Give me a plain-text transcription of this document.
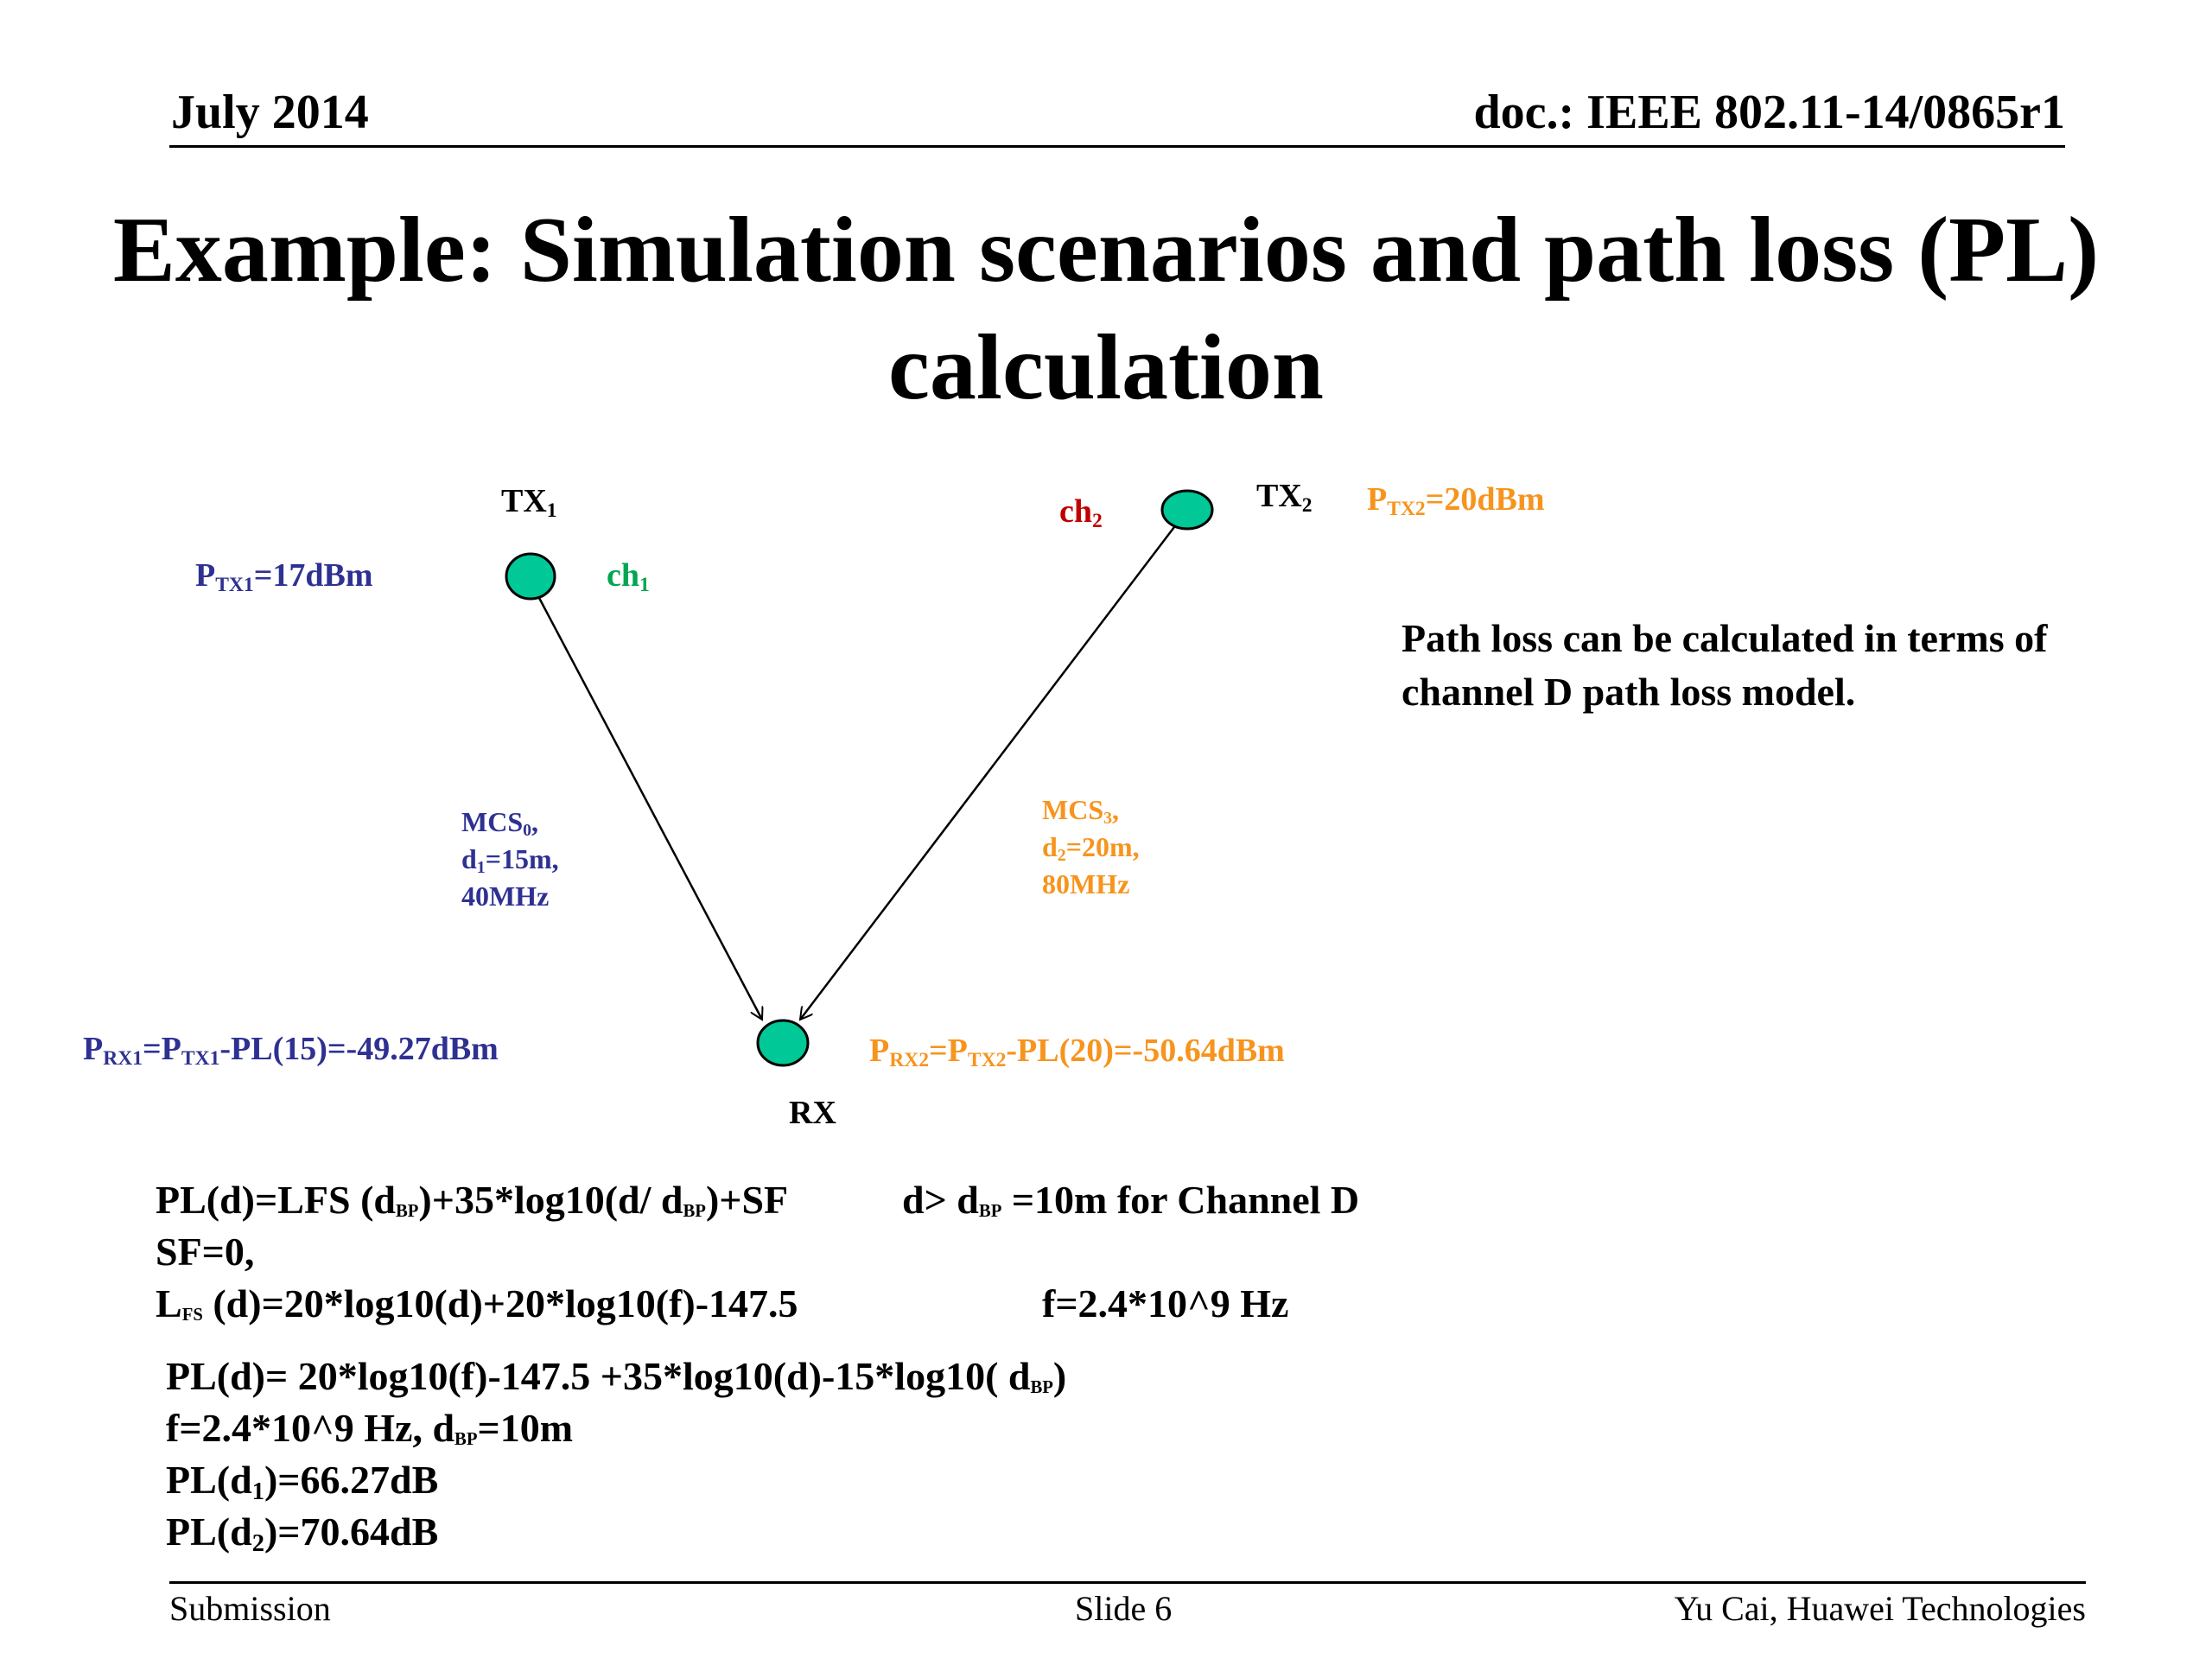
July 2014	doc.: IEEE 802.11-14/0865r1
Example: Simulation scenarios and path loss (PL) calculation
$TX_1$	$TX_2$
RX
$P_{TX1}=17dBm$
$P_{TX2}=20dBm$
$ch_1$
$ch_2$
$MCS_0$,
$d_1=15m$,
40MHz
$MCS_3$,
$d_2=20m$,
80MHz
$P_{RX1}=P_{TX1}-PL(15)=-49.27dBm$	$P_{RX2}=P_{TX2}-PL(20)=-50.64dBm$
Path loss can be calculated in terms of
channel D path loss model.
PL(d)=LFS (dBP)+35*log10(d/ dBP)+SF	d> dBP =10m for Channel D
SF=0,
LFS (d)=20*log10(d)+20*log10(f)-147.5	f=2.4*10^9 Hz
PL(d)= 20*log10(f)-147.5 +35*log10(d)-15*log10( dBP)
f=2.4*10^9 Hz, dBP=10m
$PL(d_1)=66.27dB$
$PL(d_2)=70.64dB$
Submission	Slide 6	Yu Cai, Huawei Technologies
